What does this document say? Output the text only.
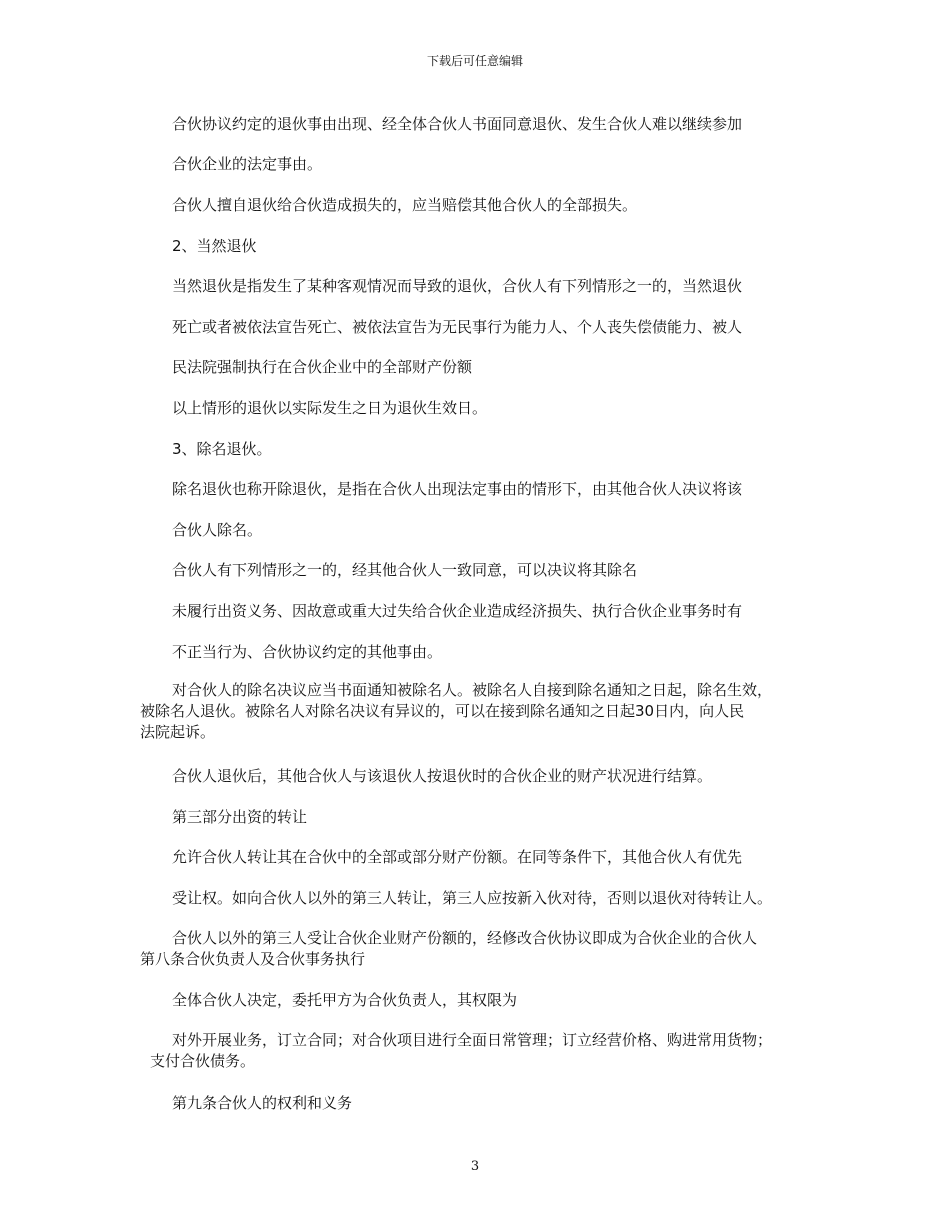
下载后可任意编辑
合伙协议约定的退伙事由出现、经全体合伙人书面同意退伙、发生合伙人难以继续参加
合伙企业的法定事由。
合伙人擅自退伙给合伙造成损失的，应当赔偿其他合伙人的全部损失。
2、当然退伙
当然退伙是指发生了某种客观情况而导致的退伙，合伙人有下列情形之一的，当然退伙
死亡或者被依法宣告死亡、被依法宣告为无民事行为能力人、个人丧失偿债能力、被人
民法院强制执行在合伙企业中的全部财产份额
以上情形的退伙以实际发生之日为退伙生效日。
3、除名退伙。
除名退伙也称开除退伙，是指在合伙人出现法定事由的情形下，由其他合伙人决议将该
合伙人除名。
合伙人有下列情形之一的，经其他合伙人一致同意，可以决议将其除名
未履行出资义务、因故意或重大过失给合伙企业造成经济损失、执行合伙企业事务时有
不正当行为、合伙协议约定的其他事由。
对合伙人的除名决议应当书面通知被除名人。被除名人自接到除名通知之日起，除名生效，
被除名人退伙。被除名人对除名决议有异议的，可以在接到除名通知之日起30日内，向人民
法院起诉。
合伙人退伙后，其他合伙人与该退伙人按退伙时的合伙企业的财产状况进行结算。
第三部分出资的转让
允许合伙人转让其在合伙中的全部或部分财产份额。在同等条件下，其他合伙人有优先
受让权。如向合伙人以外的第三人转让，第三人应按新入伙对待，否则以退伙对待转让人。
合伙人以外的第三人受让合伙企业财产份额的，经修改合伙协议即成为合伙企业的合伙人
第八条合伙负责人及合伙事务执行
全体合伙人决定，委托甲方为合伙负责人，其权限为
对外开展业务，订立合同；对合伙项目进行全面日常管理；订立经营价格、购进常用货物；
支付合伙债务。
第九条合伙人的权利和义务
3
